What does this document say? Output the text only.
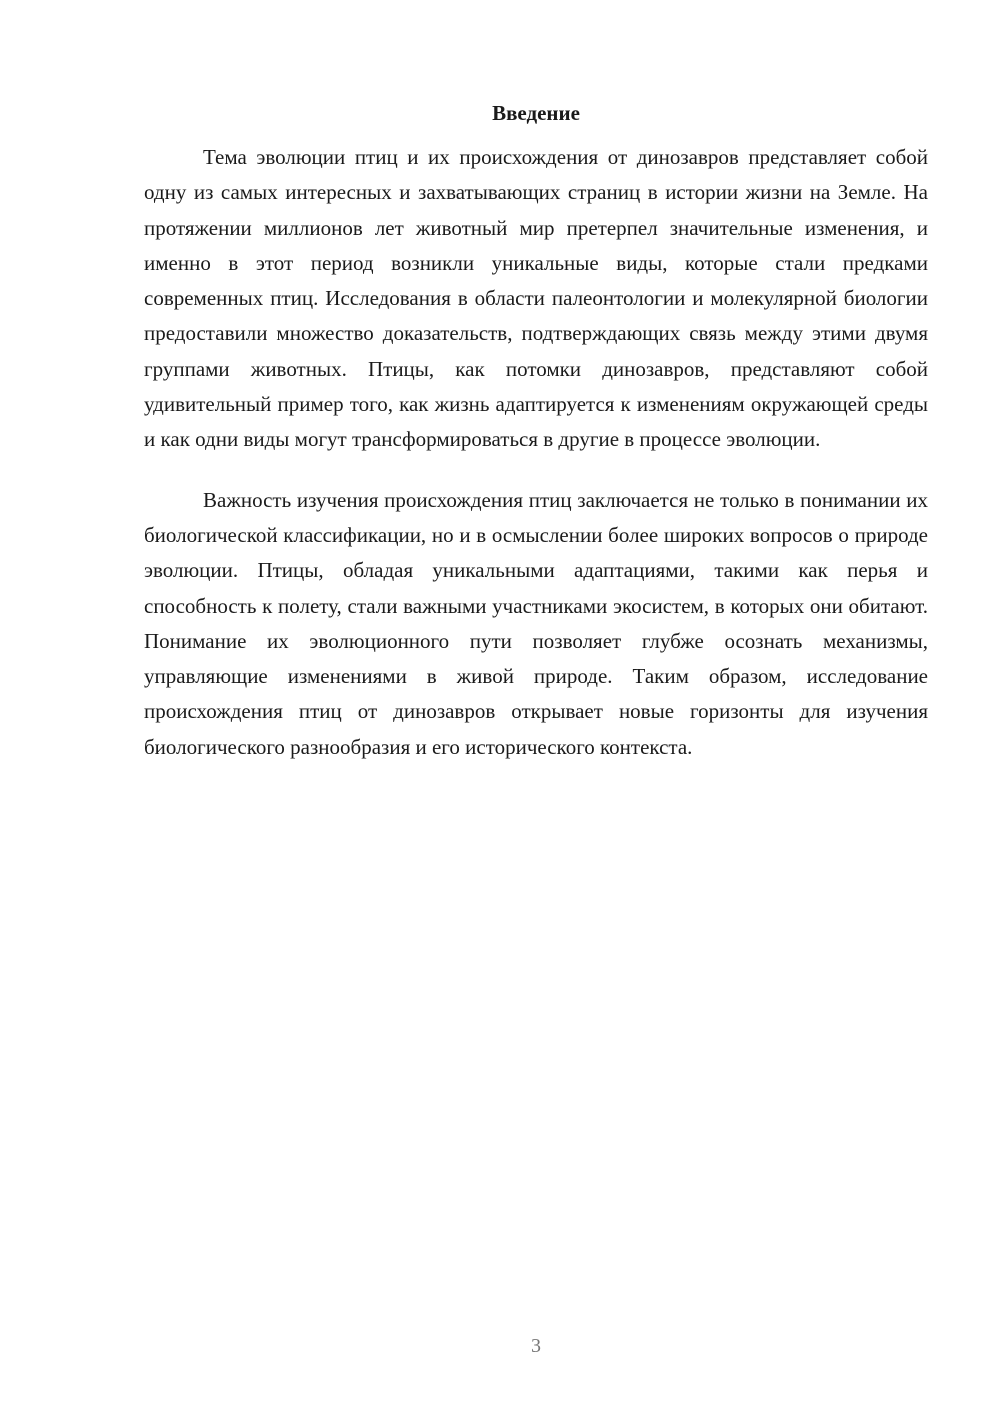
Введение

Тема эволюции птиц и их происхождения от динозавров представляет собой одну из самых интересных и захватывающих страниц в истории жизни на Земле. На протяжении миллионов лет животный мир претерпел значительные изменения, и именно в этот период возникли уникальные виды, которые стали предками современных птиц. Исследования в области палеонтологии и молекулярной биологии предоставили множество доказательств, подтверждающих связь между этими двумя группами животных. Птицы, как потомки динозавров, представляют собой удивительный пример того, как жизнь адаптируется к изменениям окружающей среды и как одни виды могут трансформироваться в другие в процессе эволюции.

Важность изучения происхождения птиц заключается не только в понимании их биологической классификации, но и в осмыслении более широких вопросов о природе эволюции. Птицы, обладая уникальными адаптациями, такими как перья и способность к полету, стали важными участниками экосистем, в которых они обитают. Понимание их эволюционного пути позволяет глубже осознать механизмы, управляющие изменениями в живой природе. Таким образом, исследование происхождения птиц от динозавров открывает новые горизонты для изучения биологического разнообразия и его исторического контекста.

3
